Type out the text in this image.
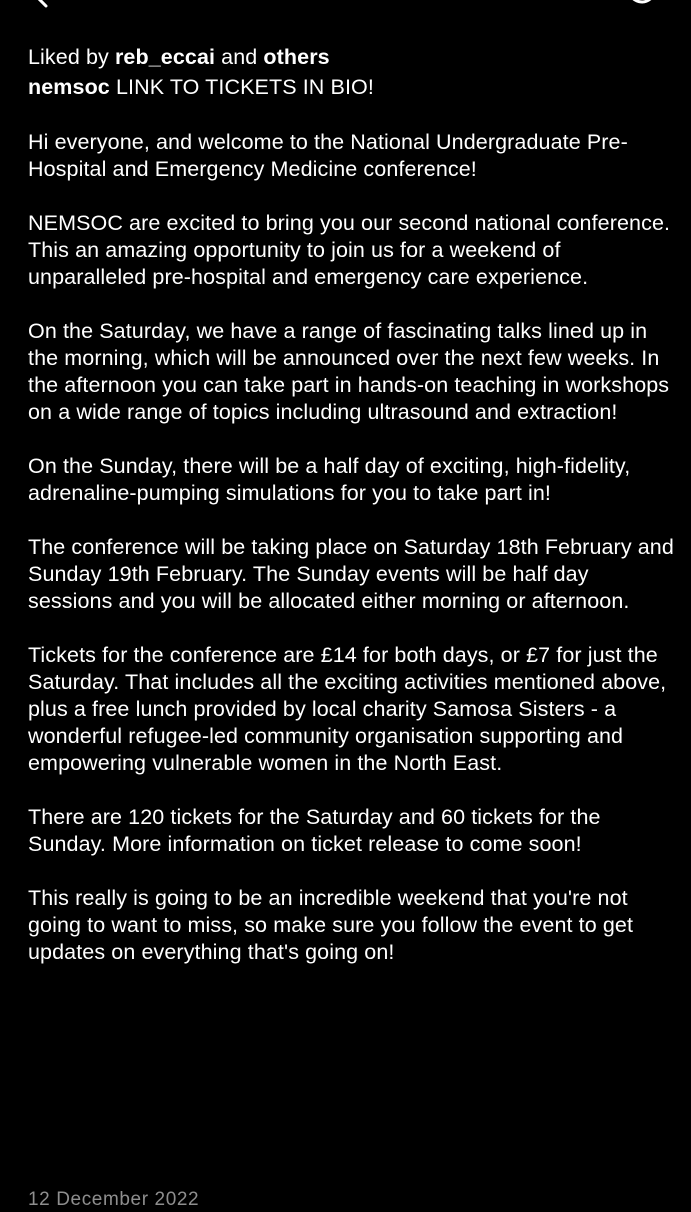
Liked by reb_eccai and others

nemsoc LINK TO TICKETS IN BIO!

Hi everyone, and welcome to the National Undergraduate Pre-Hospital and Emergency Medicine conference!

NEMSOC are excited to bring you our second national conference. This an amazing opportunity to join us for a weekend of unparalleled pre-hospital and emergency care experience.

On the Saturday, we have a range of fascinating talks lined up in the morning, which will be announced over the next few weeks. In the afternoon you can take part in hands-on teaching in workshops on a wide range of topics including ultrasound and extraction!

On the Sunday, there will be a half day of exciting, high-fidelity, adrenaline-pumping simulations for you to take part in!

The conference will be taking place on Saturday 18th February and Sunday 19th February. The Sunday events will be half day sessions and you will be allocated either morning or afternoon.

Tickets for the conference are £14 for both days, or £7 for just the Saturday. That includes all the exciting activities mentioned above, plus a free lunch provided by local charity Samosa Sisters - a wonderful refugee-led community organisation supporting and empowering vulnerable women in the North East.

There are 120 tickets for the Saturday and 60 tickets for the Sunday. More information on ticket release to come soon!

This really is going to be an incredible weekend that you're not going to want to miss, so make sure you follow the event to get updates on everything that's going on!

12 December 2022
